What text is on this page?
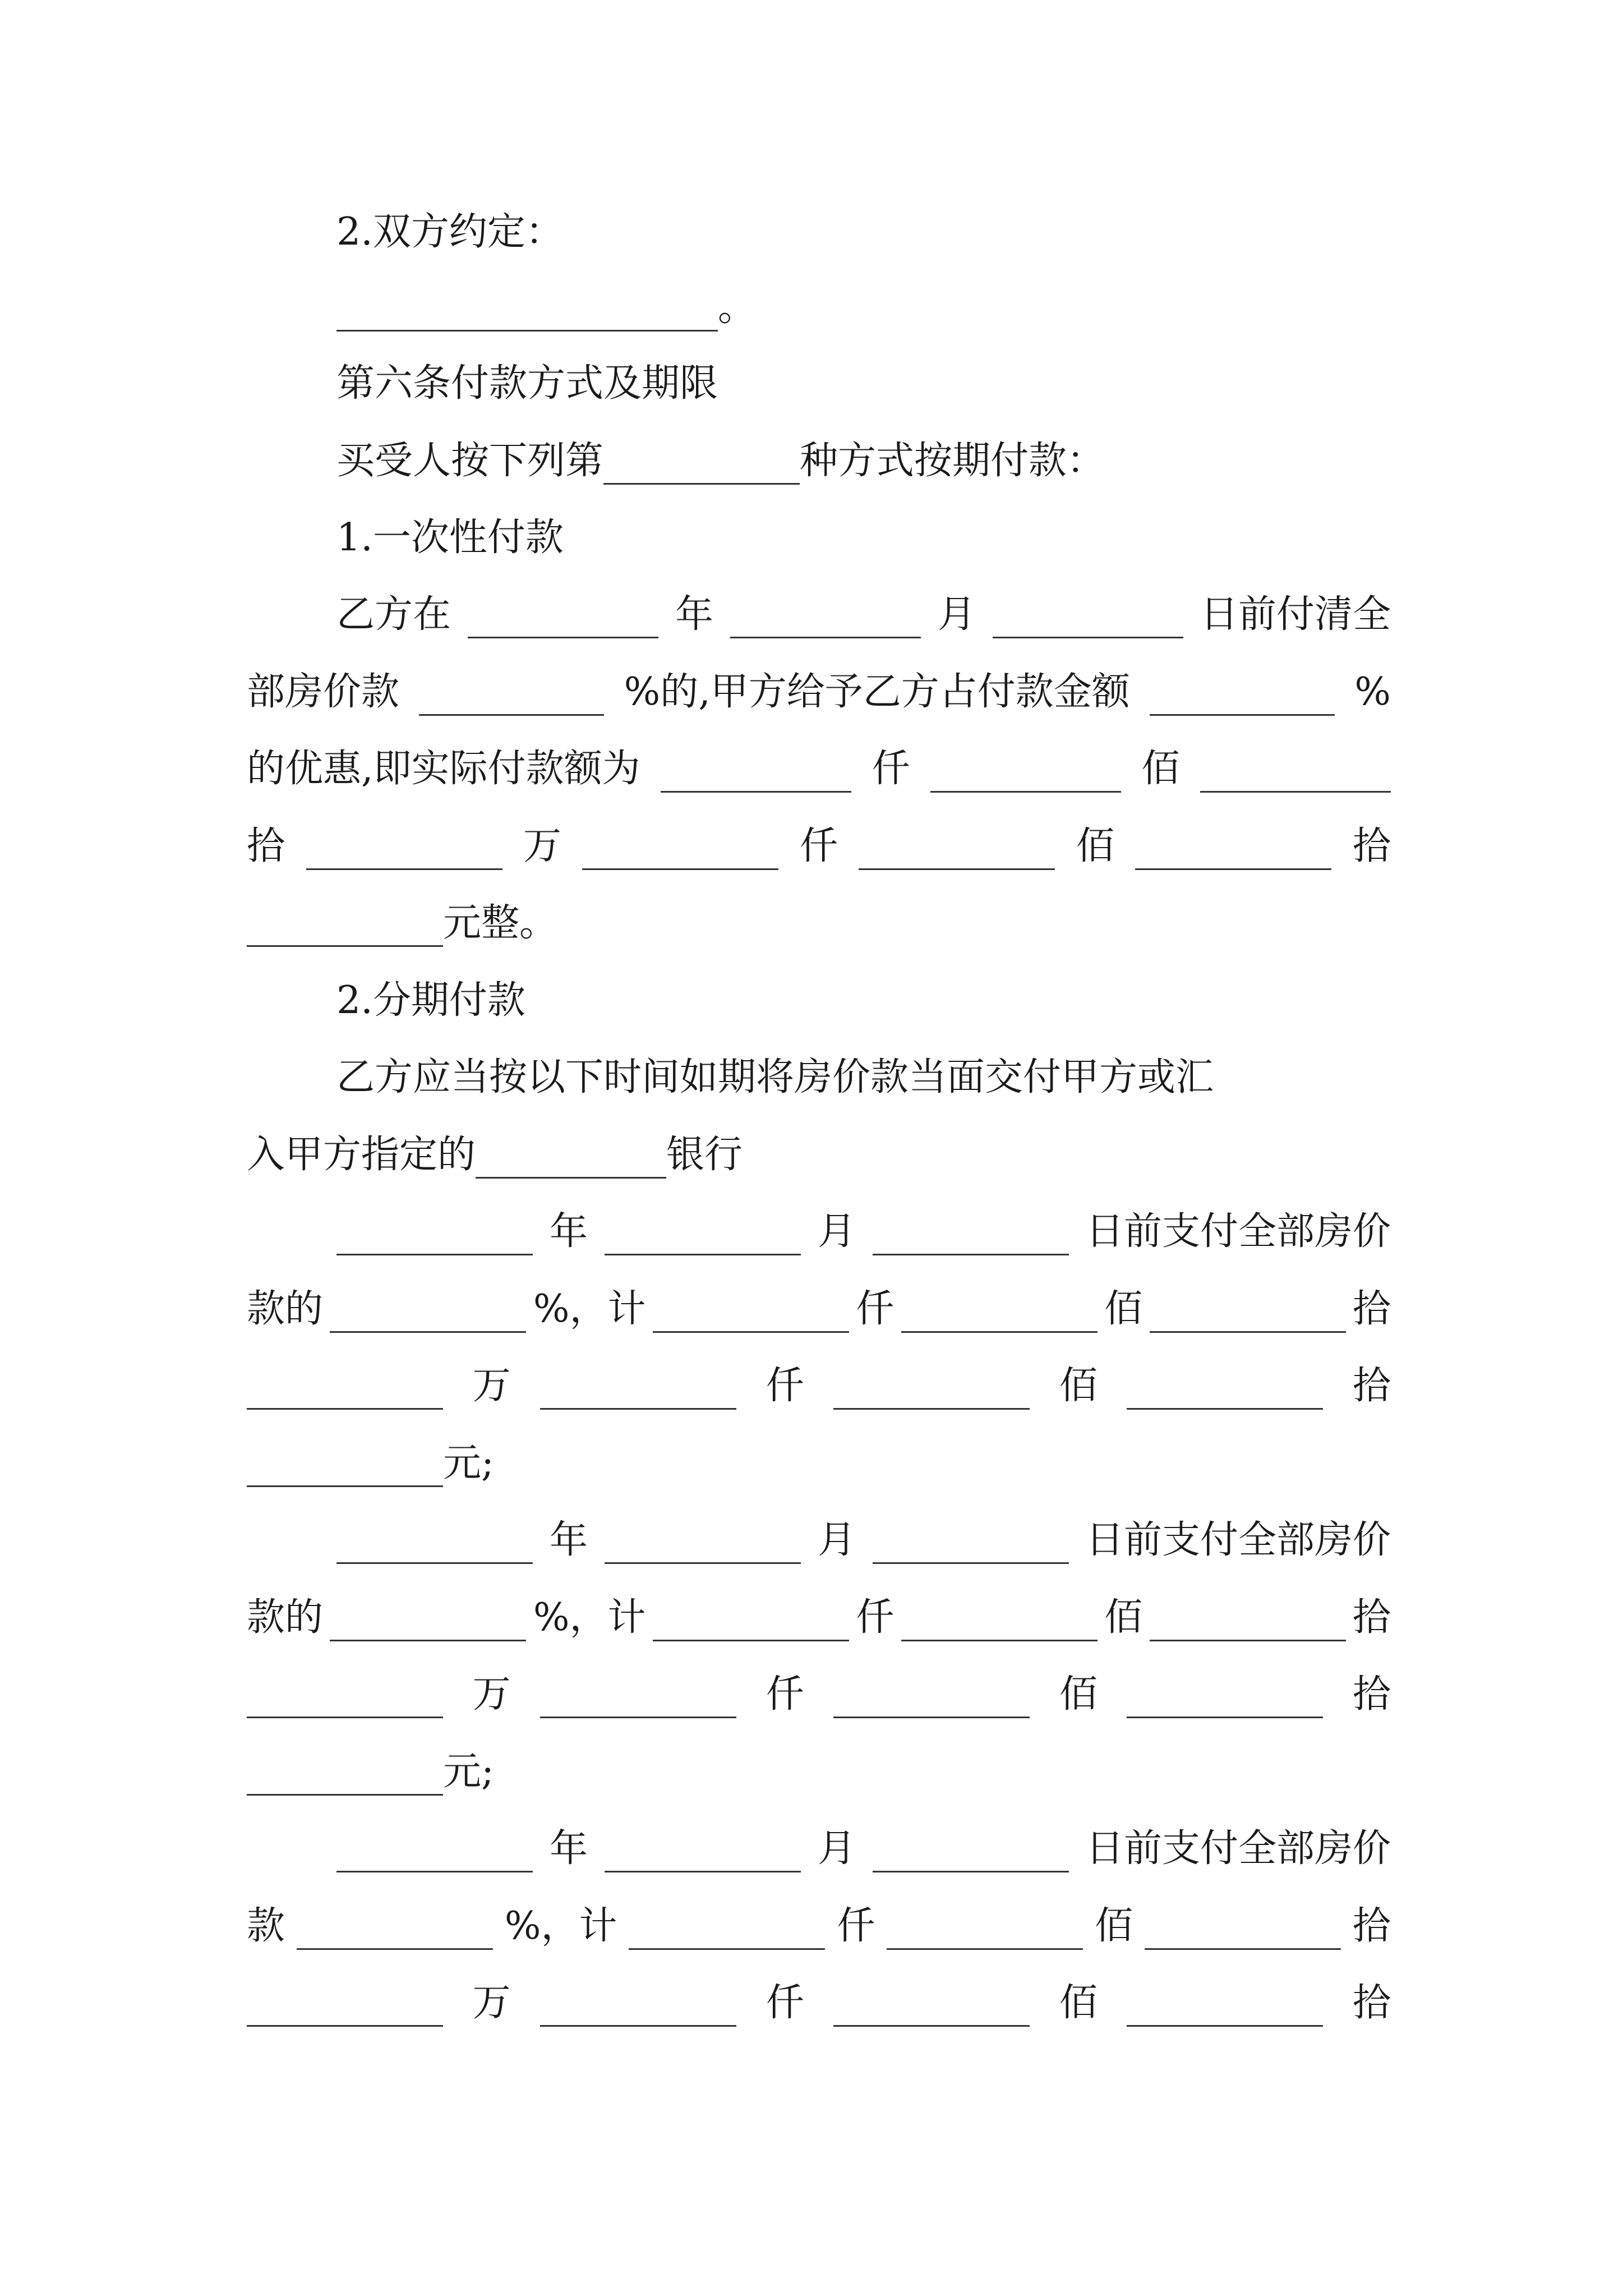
2.双方约定：
。
第六条付款方式及期限
买受人按下列第	种方式按期付款：
1.一次性付款
乙方在	年	月	日前付清全
部房价款	%的,甲方给予乙方占付款金额	%
的优惠,即实际付款额为	仟	佰
拾	万	仟	佰	拾
元整。
2.分期付款
乙方应当按以下时间如期将房价款当面交付甲方或汇
入甲方指定的	银行
年	月	日前支付全部房价
款的	%，计	仟	佰	拾
万	仟	佰	拾
元;
年	月	日前支付全部房价
款的	%，计	仟	佰	拾
万	仟	佰	拾
元;
年	月	日前支付全部房价
款	%，计	仟	佰	拾
万	仟	佰	拾
